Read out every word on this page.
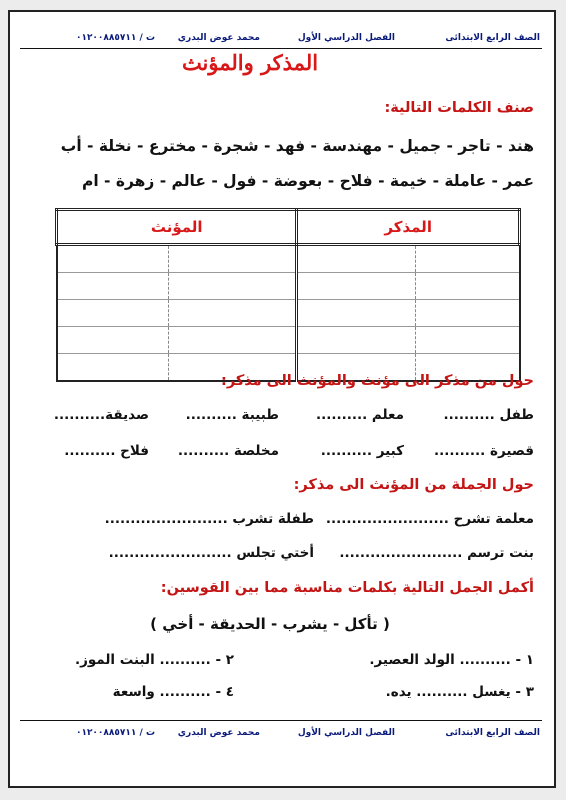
الصف الرابع الابتدائى
الفصل الدراسي الأول
محمد عوض البدري
ت / ٠١٢٠٠٨٨٥٧١١
المذكر والمؤنث
صنف الكلمات التالية:
هند - تاجر - جميل - مهندسة - فهد - شجرة - مخترع - نخلة - أب
عمر - عاملة - خيمة - فلاح - بعوضة - فول - عالم - زهرة - ام
المذكر		المؤنث	

حول من مذكر الى مؤنث والمؤنث الى مذكر:
طفل ..........
معلم ..........
طبيبة ..........
صديقة..........
قصيرة ..........
كبير ..........
مخلصة ..........
فلاح ..........
حول الجملة من المؤنث الى مذكر:
معلمة تشرح ........................
طفلة تشرب ........................
بنت ترسم ........................
أختي تجلس ........................
أكمل الجمل التالية بكلمات مناسبة مما بين القوسين:
( تأكل - يشرب - الحديقة - أخي )
١ - .......... الولد العصير.
٢ - .......... البنت الموز.
٣ - يغسل .......... يده.
٤ - .......... واسعة
الصف الرابع الابتدائى
الفصل الدراسي الأول
محمد عوض البدري
ت / ٠١٢٠٠٨٨٥٧١١
